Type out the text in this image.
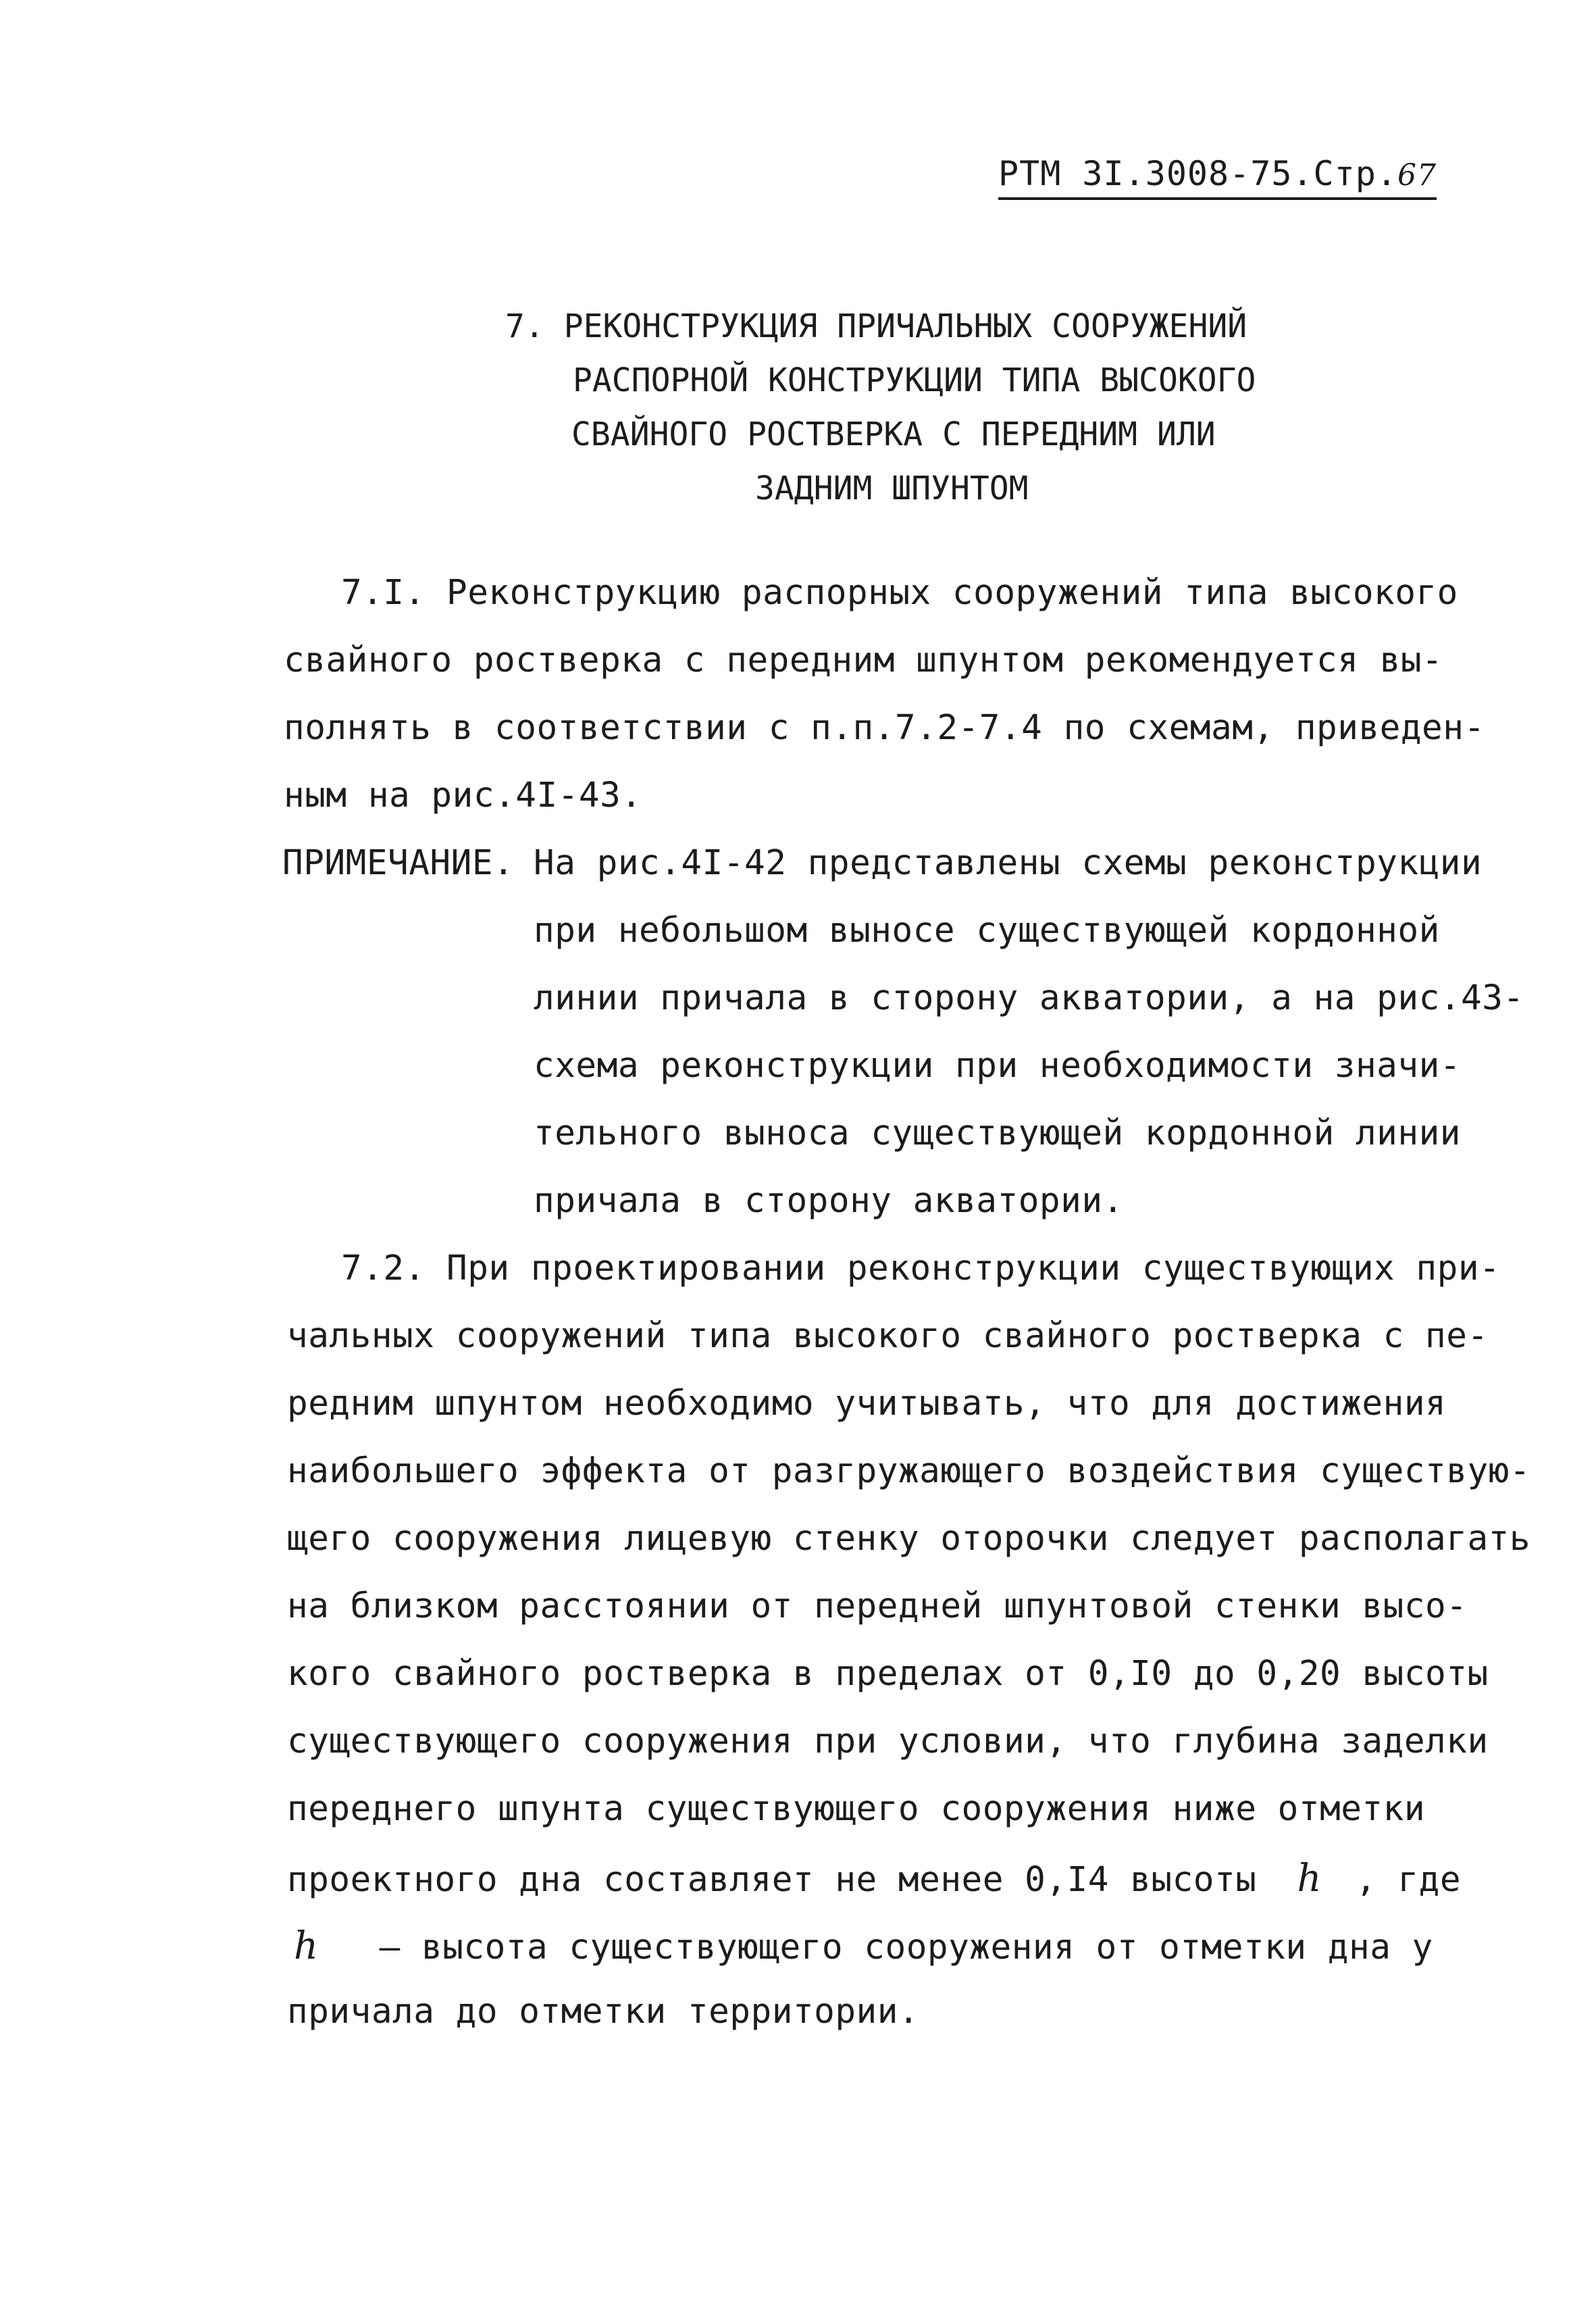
РТМ 3I.3008-75.Стр.67
7. РЕКОНСТРУКЦИЯ ПРИЧАЛЬНЫХ СООРУЖЕНИЙ
РАСПОРНОЙ КОНСТРУКЦИИ ТИПА ВЫСОКОГО
СВАЙНОГО РОСТВЕРКА С ПЕРЕДНИМ ИЛИ
ЗАДНИМ ШПУНТОМ
7.I. Реконструкцию распорных сооружений типа высокого
свайного ростверка с передним шпунтом рекомендуется вы-
полнять в соответствии с п.п.7.2-7.4 по схемам, приведен-
ным на рис.4I-43.
ПРИМЕЧАНИЕ. На рис.4I-42 представлены схемы реконструкции
при небольшом выносе существующей кордонной
линии причала в сторону акватории, а на рис.43-
схема реконструкции при необходимости значи-
тельного выноса существующей кордонной линии
причала в сторону акватории.
7.2. При проектировании реконструкции существующих при-
чальных сооружений типа высокого свайного ростверка с пе-
редним шпунтом необходимо учитывать, что для достижения
наибольшего эффекта от разгружающего воздействия существую-
щего сооружения лицевую стенку оторочки следует располагать
на близком расстоянии от передней шпунтовой стенки высо-
кого свайного ростверка в пределах от 0,I0 до 0,20 высоты
существующего сооружения при условии, что глубина заделки
переднего шпунта существующего сооружения ниже отметки
проектного дна составляет не менее 0,I4 высоты h , где
h – высота существующего сооружения от отметки дна у
причала до отметки территории.
